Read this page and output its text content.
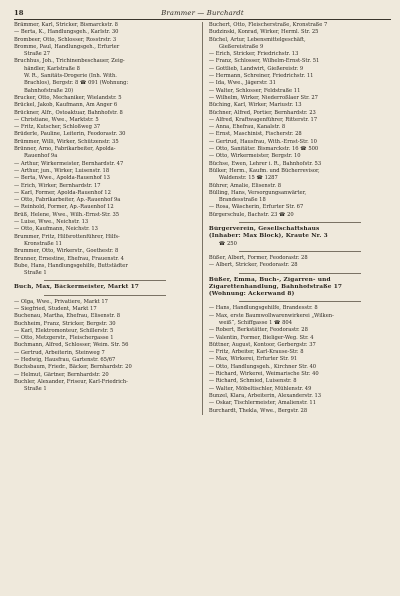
18	Brammer — Burchardt
Brämmer, Karl, Stricker, Bismarckstr. 8
— Berta, K., Handlungsgeh., Karlstr. 30
Brombeer, Otto, Schlosser, Rosstrstr. 3
Bromme, Paul, Handlungsgeh., Erfurter
Straße 27
Bruchhus, Joh., Trichinenbeschauer, Zeig-
händler, Karlstraße 8
W. R., Sanitäts-Drogerie (Inh. With.
Brachlos), Bergstr. 8 ☎ 091 (Wohnung:
Bahnhofstraße 20)
Brucker, Otto, Mechaniker, Wielandstr. 5
Brückel, Jakob, Kaufmann, Am Anger 6
Brückner, Alfr., Ostoaktuar, Bahnhofstr. 8
— Christiane, Wwe., Marktstr. 5
— Fritz, Kutscher, Schloßweg 37
Brüderle, Pauline, Leiterin, Feodorastr. 30
Brümmer, Willi, Wirker, Schützenstr. 35
Brünner, Arno, Fabrikarbeiter, Apolda-
Rauenhof 9a
— Arthur, Wirkermeister, Bernhardstr. 47
— Arthur, jun., Wirker, Luisenstr. 18
— Berta, Wwe., Apolda-Rauenhof 13
— Erich, Wirker, Bernhardstr. 17
— Karl, Former, Apolda-Rauenhof 12
— Otto, Fabrikarbeiter, Ap.-Rauenhof 9a
— Reinhold, Former, Ap.-Rauenhof 12
Brüß, Helene, Wwe., Wilh.-Ernst-Str. 35
— Luise, Wwe., Neichstr. 13
— Otto, Kaufmann, Neichstr. 13
Brummer, Fritz, Hilfsrottenführer, Hilfs-
Kronstraße 11
Brummer, Otto, Wirkerstr., Goethestr. 8
Brunner, Ernestine, Ehefrau, Frauenstr. 4
Bube, Hans, Handlungsgehilfe, Buttstädter
Straße 1
Buch, Max, Bäckermeister, Markt 17
— Olga, Wwe., Privatiere, Markt 17
— Siegfried, Student, Markt 17
Buchenau, Martha, Ehefrau, Elisenstr. 8
Buchheim, Franz, Stricker, Bergstr. 30
— Karl, Elektromonteur, Schillerstr. 5
— Otto, Metzgerstr., Fleischergasse 1
Buchmann, Alfred, Schlosser, Weim. Str. 56
— Gertrud, Arbeiterin, Steinweg 7
— Hedwig, Hausfrau, Gartenstr. 65/67
Buchsbaum, Friedr., Bäcker, Bernhardstr. 20
— Helmut, Gärtner, Bernhardstr. 20
Buchler, Alexander, Friseur, Karl-Friedrich-
Straße 1
Buchert, Otto, Fleischerstraße, Kronstraße 7
Budzinski, Konrad, Wirker, Herml. Str. 25
Büchel, Artur, Lebensmittelgeschäft,
Gießereistraße 9
— Erich, Stricker, Friedrichstr. 13
— Franz, Schlosser, Wilhelm-Ernst-Str. 51
— Gottlieb, Landwirt, Gießereistr. 9
— Hermann, Schreiner, Friedrichstr. 11
— Ida, Wwe., Jägerstr. 31
— Walter, Schlosser, Feldstraße 11
— Wilhelm, Wirker, Niederroßlaer Str. 27
Büching, Karl, Wirker, Mariustr. 13
Büchner, Alfred, Portier, Bernhardstr. 23
— Alfred, Kraftwagenführer, Ritterstr. 17
— Anna, Ehefrau, Kanalstr. 8
— Ernst, Maschinist, Fischerstr. 28
— Gertrud, Hausfrau, With.-Ernst-Str. 10
— Otto, Sanitätsr. Bismarckstr. 16 ☎ 500
— Otto, Wirkermeister, Bergstr. 10
Büchse, Ewen, Lehrer i. R., Bahnhofstr. 53
Bülker, Herm., Kaufm. und Bücherrevisor,
Waldenstr. 15 ☎ 1287
Bührer, Amalie, Elisenstr. 8
Bülling, Hans, Versorgungsanwärter,
Brandesstraße 18
— Rosa, Wäscherin, Erfurter Str. 67
Bürgerschule, Bachstr. 23 ☎ 20
Bürgerverein, Gesellschaftshaus
(Inhaber: Max Block), Kraute Nr. 3
☎ 250
Büßer, Albert, Former, Feodorastr. 28
— Albert, Stricker, Feodorastr. 28
Büßer, Emma, Buch-, Zigarren- und
Zigarettenhandlung, Bahnhofstraße 17
(Wohnung: Ackerwand 8)
— Hans, Handlungsgehilfe, Brandesstr. 8
— Max, erste Baumwollwarenwirkerei „Wilken-
weiß“, Schiffgasse 1 ☎ 804
— Robert, Berkstätter, Feodorastr. 28
— Valentin, Former, Bieliger-Weg. Str. 4
Büttner, August, Kontoor, Gerbergstr. 37
— Fritz, Arbeiter, Karl-Krause-Str. 8
— Max, Wirkerei, Erfurter Str. 91
— Otto, Handlungsgeh., Kirchner Str. 40
— Richard, Wirkerei, Weimarische Str. 40
— Richard, Schmied, Luisenstr. 8
— Walter, Möbeltischler, Mühlenstr. 49
Bunzel, Klara, Arbeiterin, Alexanderstr. 13
— Oskar, Tischlermeister, Amalienstr. 11
Burchardt, Thekla, Wwe., Bergstr. 28
